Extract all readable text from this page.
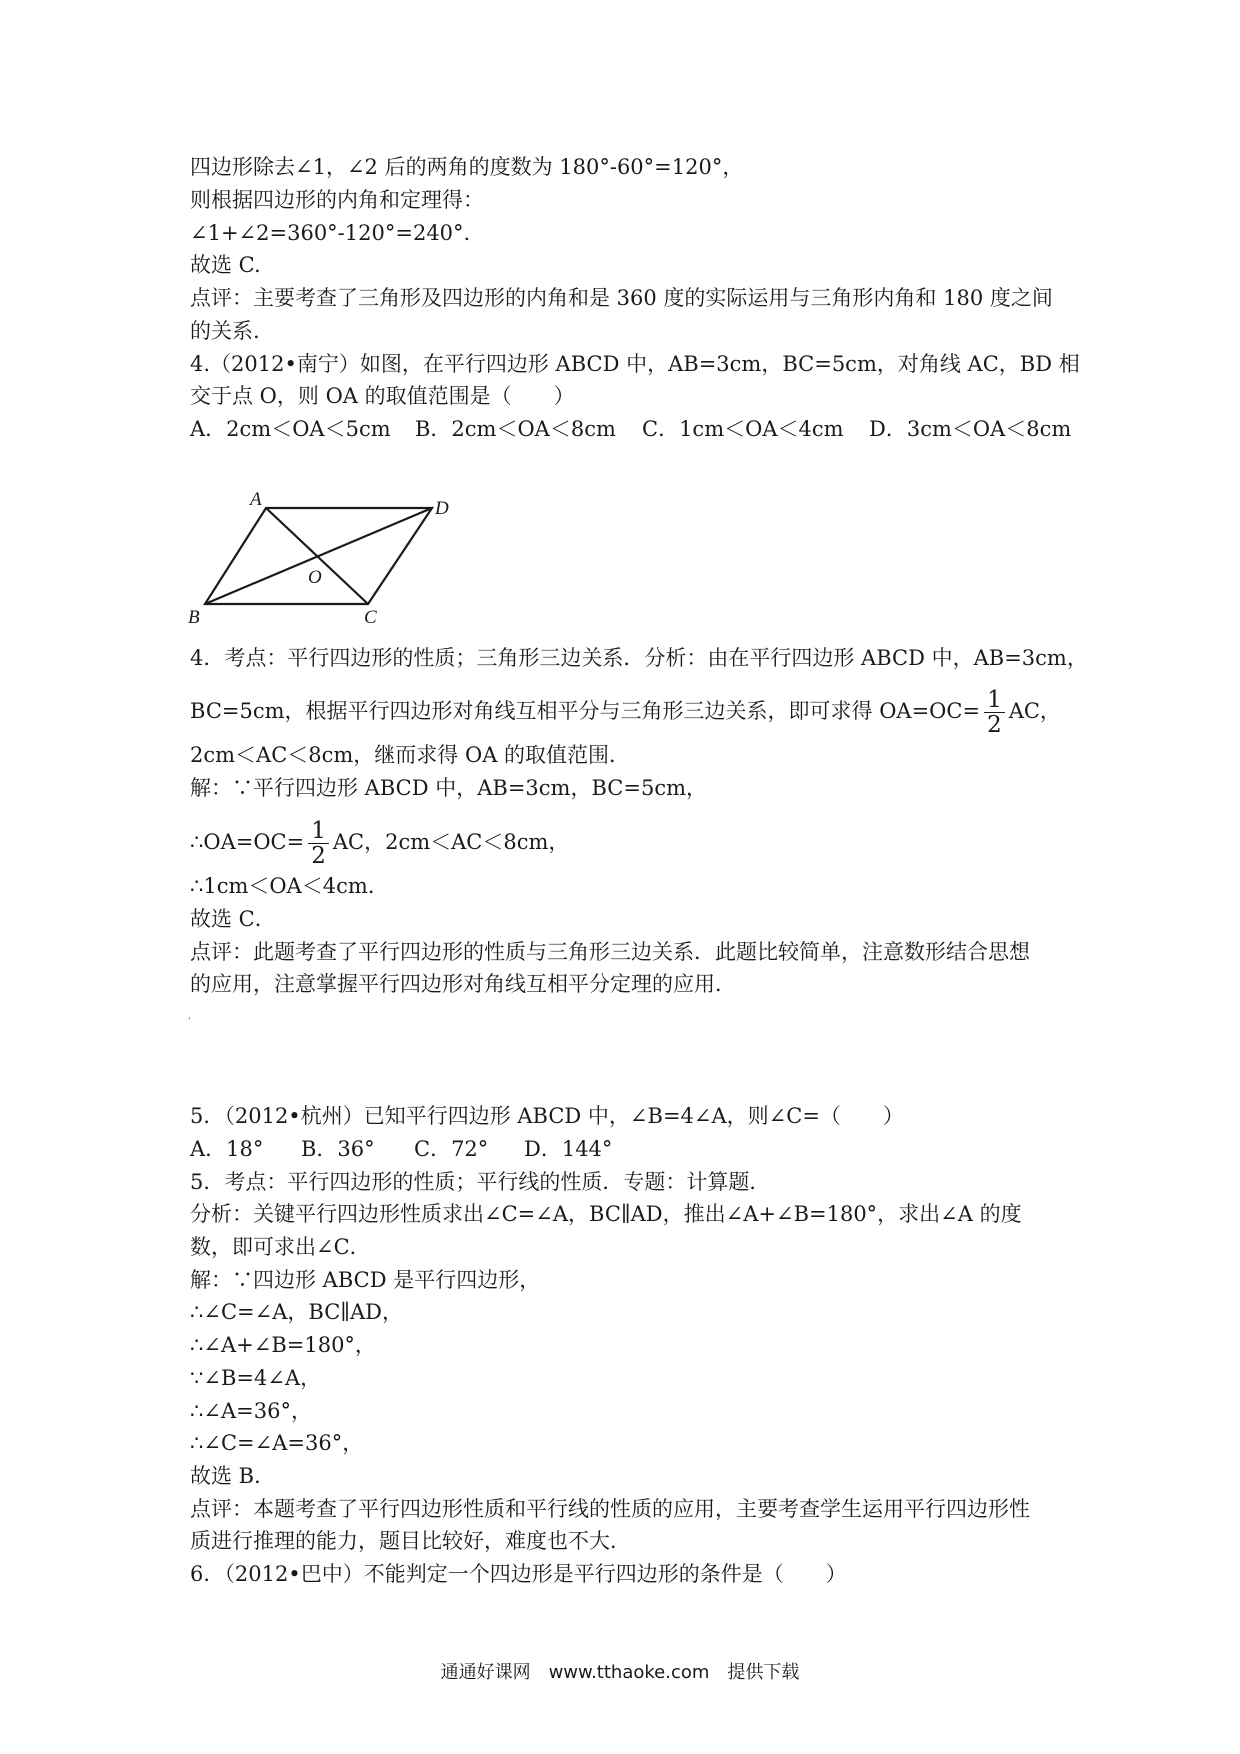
四边形除去∠1，∠2 后的两角的度数为 180°-60°=120°，
则根据四边形的内角和定理得：
∠1+∠2=360°-120°=240°.
故选 C.
点评：主要考查了三角形及四边形的内角和是 360 度的实际运用与三角形内角和 180 度之间
的关系.
4.（2012•南宁）如图，在平行四边形 ABCD 中，AB=3cm，BC=5cm，对角线 AC，BD 相
交于点 O，则 OA 的取值范围是（　　）
A．2cm＜OA＜5cm B．2cm＜OA＜8cm C．1cm＜OA＜4cm D．3cm＜OA＜8cm
A
B	C
D
O
4．考点：平行四边形的性质；三角形三边关系．分析：由在平行四边形 ABCD 中，AB=3cm，
BC=5cm，根据平行四边形对角线互相平分与三角形三边关系，即可求得 $OA=OC= \frac{1}{2}$ AC，
2cm＜AC＜8cm，继而求得 OA 的取值范围．
解：∵平行四边形 ABCD 中，AB=3cm，BC=5cm，
∴OA=OC= $\frac{1}{2}$ AC，2cm＜AC＜8cm，
∴1cm＜OA＜4cm．
故选 C．
点评：此题考查了平行四边形的性质与三角形三边关系．此题比较简单，注意数形结合思想
的应用，注意掌握平行四边形对角线互相平分定理的应用．
'
5．（2012•杭州）已知平行四边形 ABCD 中，∠B=4∠A，则∠C=（　　）
A．18° B．36° C．72° D．144°
5．考点：平行四边形的性质；平行线的性质．专题：计算题．
分析：关键平行四边形性质求出∠C=∠A，BC∥AD，推出∠A+∠B=180°，求出∠A 的度
数，即可求出∠C．
解：∵四边形 ABCD 是平行四边形，
∴∠C=∠A，BC∥AD，
∴∠A+∠B=180°，
∵∠B=4∠A，
∴∠A=36°，
∴∠C=∠A=36°，
故选 B．
点评：本题考查了平行四边形性质和平行线的性质的应用，主要考查学生运用平行四边形性
质进行推理的能力，题目比较好，难度也不大．
6．（2012•巴中）不能判定一个四边形是平行四边形的条件是（　　）
通通好课网　www.tthaoke.com　提供下载
